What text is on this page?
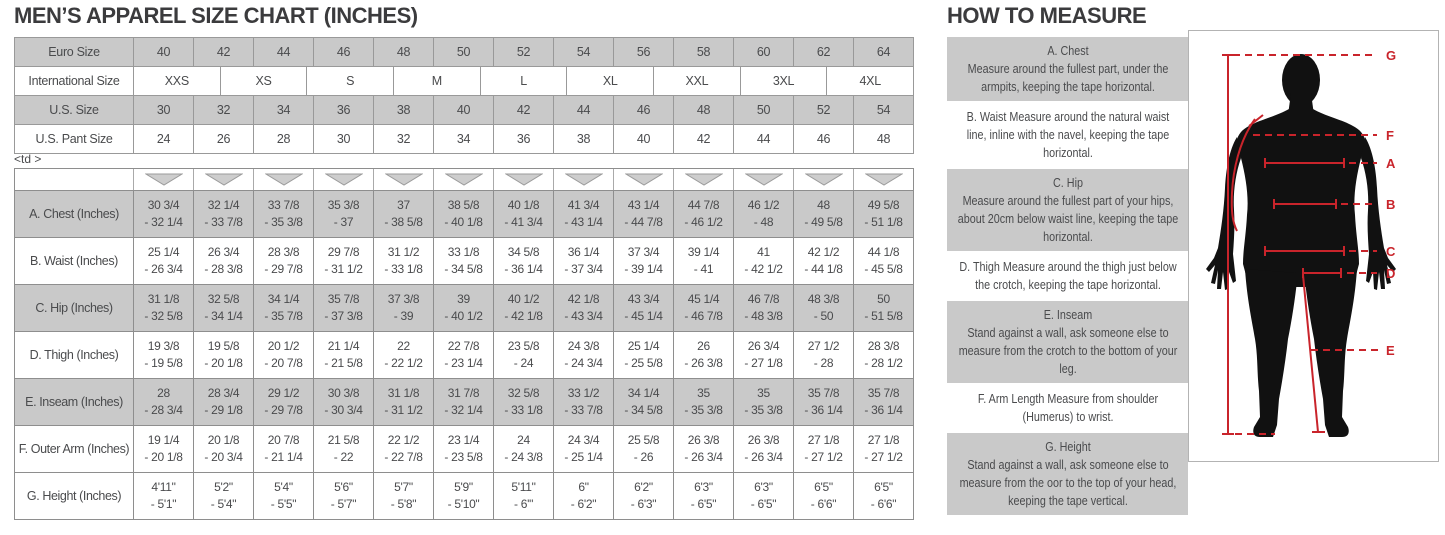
MEN’S APPAREL SIZE CHART (INCHES)
Euro Size	40	42	44	46	48	50	52	54	56	58	60	62	64
International Size	XXS	XS	S	M	L	XL	XXL	3XL	4XL
U.S. Size	30	32	34	36	38	40	42	44	46	48	50	52	54
U.S. Pant Size	24	26	28	30	32	34	36	38	40	42	44	46	48
<td >
A. Chest (Inches)
30 3/4
- 32 1/4
32 1/4
- 33 7/8
33 7/8
- 35 3/8
35 3/8
- 37
37
- 38 5/8
38 5/8
- 40 1/8
40 1/8
- 41 3/4
41 3/4
- 43 1/4
43 1/4
- 44 7/8
44 7/8
- 46 1/2
46 1/2
- 48
48
- 49 5/8
49 5/8
- 51 1/8
B. Waist (Inches)
25 1/4
- 26 3/4
26 3/4
- 28 3/8
28 3/8
- 29 7/8
29 7/8
- 31 1/2
31 1/2
- 33 1/8
33 1/8
- 34 5/8
34 5/8
- 36 1/4
36 1/4
- 37 3/4
37 3/4
- 39 1/4
39 1/4
- 41
41
- 42 1/2
42 1/2
- 44 1/8
44 1/8
- 45 5/8
C. Hip (Inches)
31 1/8
- 32 5/8
32 5/8
- 34 1/4
34 1/4
- 35 7/8
35 7/8
- 37 3/8
37 3/8
- 39
39
- 40 1/2
40 1/2
- 42 1/8
42 1/8
- 43 3/4
43 3/4
- 45 1/4
45 1/4
- 46 7/8
46 7/8
- 48 3/8
48 3/8
- 50
50
- 51 5/8
D. Thigh (Inches)
19 3/8
- 19 5/8
19 5/8
- 20 1/8
20 1/2
- 20 7/8
21 1/4
- 21 5/8
22
- 22 1/2
22 7/8
- 23 1/4
23 5/8
- 24
24 3/8
- 24 3/4
25 1/4
- 25 5/8
26
- 26 3/8
26 3/4
- 27 1/8
27 1/2
- 28
28 3/8
- 28 1/2
E. Inseam (Inches)
28
- 28 3/4
28 3/4
- 29 1/8
29 1/2
- 29 7/8
30 3/8
- 30 3/4
31 1/8
- 31 1/2
31 7/8
- 32 1/4
32 5/8
- 33 1/8
33 1/2
- 33 7/8
34 1/4
- 34 5/8
35
- 35 3/8
35
- 35 3/8
35 7/8
- 36 1/4
35 7/8
- 36 1/4
F. Outer Arm (Inches)
19 1/4
- 20 1/8
20 1/8
- 20 3/4
20 7/8
- 21 1/4
21 5/8
- 22
22 1/2
- 22 7/8
23 1/4
- 23 5/8
24
- 24 3/8
24 3/4
- 25 1/4
25 5/8
- 26
26 3/8
- 26 3/4
26 3/8
- 26 3/4
27 1/8
- 27 1/2
27 1/8
- 27 1/2
G. Height (Inches)
4'11"
- 5'1"
5'2"
- 5'4"
5'4"
- 5'5"
5'6"
- 5'7"
5'7"
- 5'8"
5'9"
- 5'10"
5'11"
- 6'"
6"
- 6'2"
6'2"
- 6'3"
6'3"
- 6'5"
6'3"
- 6'5"
6'5"
- 6'6"
6'5"
- 6'6"
HOW TO MEASURE
A. Chest
Measure around the fullest part, under the armpits, keeping the tape horizontal.
B. Waist Measure around the natural waist line, inline with the navel, keeping the tape horizontal.
C. Hip
Measure around the fullest part of your hips, about 20cm below waist line, keeping the tape horizontal.
D. Thigh Measure around the thigh just below the crotch, keeping the tape horizontal.
E. Inseam
Stand against a wall, ask someone else to measure from the crotch to the bottom of your leg.
F. Arm Length Measure from shoulder (Humerus) to wrist.
G. Height
Stand against a wall, ask someone else to measure from the oor to the top of your head, keeping the tape vertical.
G
F
A
B
C
D
E
